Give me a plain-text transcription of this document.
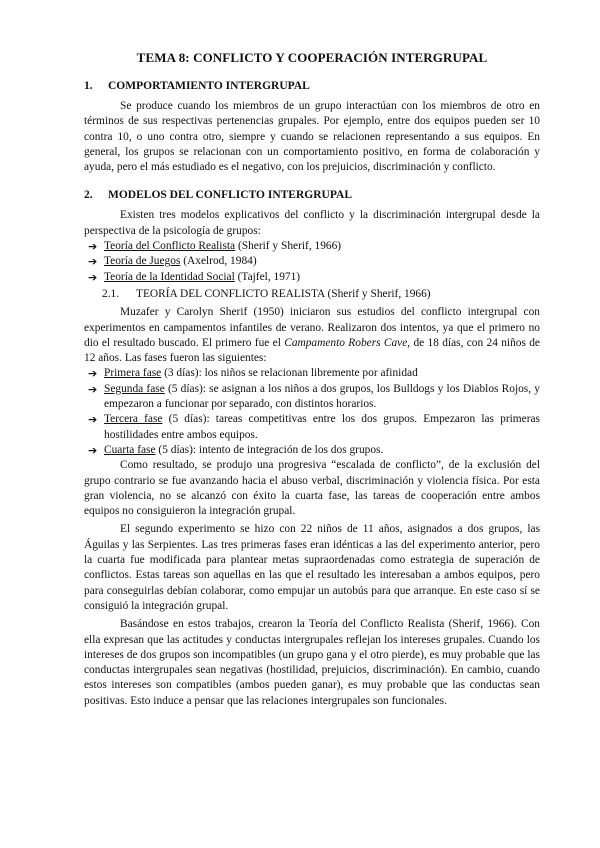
TEMA 8: CONFLICTO Y COOPERACIÓN INTERGRUPAL
1.	COMPORTAMIENTO INTERGRUPAL

Se produce cuando los miembros de un grupo interactúan con los miembros de otro en términos de sus respectivas pertenencias grupales. Por ejemplo, entre dos equipos pueden ser 10 contra 10, o uno contra otro, siempre y cuando se relacionen representando a sus equipos. En general, los grupos se relacionan con un comportamiento positivo, en forma de colaboración y ayuda, pero el más estudiado es el negativo, con los prejuicios, discriminación y conflicto.

2.	MODELOS DEL CONFLICTO INTERGRUPAL

Existen tres modelos explicativos del conflicto y la discriminación intergrupal desde la perspectiva de la psicología de grupos:

➔ Teoría del Conflicto Realista (Sherif y Sherif, 1966)
➔ Teoría de Juegos (Axelrod, 1984)
➔ Teoría de la Identidad Social (Tajfel, 1971)
2.1.	TEORÍA DEL CONFLICTO REALISTA (Sherif y Sherif, 1966)

Muzafer y Carolyn Sherif (1950) iniciaron sus estudios del conflicto intergrupal con experimentos en campamentos infantiles de verano. Realizaron dos intentos, ya que el primero no dio el resultado buscado. El primero fue el Campamento Robers Cave, de 18 días, con 24 niños de 12 años. Las fases fueron las siguientes:

➔ Primera fase (3 días): los niños se relacionan libremente por afinidad
➔ Segunda fase (5 días): se asignan a los niños a dos grupos, los Bulldogs y los Diablos Rojos, y empezaron a funcionar por separado, con distintos horarios.
➔ Tercera fase (5 días): tareas competitivas entre los dos grupos. Empezaron las primeras hostilidades entre ambos equipos.
➔ Cuarta fase (5 días): intento de integración de los dos grupos.

Como resultado, se produjo una progresiva “escalada de conflicto”, de la exclusión del grupo contrario se fue avanzando hacia el abuso verbal, discriminación y violencia física. Por esta gran violencia, no se alcanzó con éxito la cuarta fase, las tareas de cooperación entre ambos equipos no consiguieron la integración grupal.

El segundo experimento se hizo con 22 niños de 11 años, asignados a dos grupos, las Águilas y las Serpientes. Las tres primeras fases eran idénticas a las del experimento anterior, pero la cuarta fue modificada para plantear metas supraordenadas como estrategia de superación de conflictos. Estas tareas son aquellas en las que el resultado les interesaban a ambos equipos, pero para conseguirlas debían colaborar, como empujar un autobús para que arranque. En este caso sí se consiguió la integración grupal.

Basándose en estos trabajos, crearon la Teoría del Conflicto Realista (Sherif, 1966). Con ella expresan que las actitudes y conductas intergrupales reflejan los intereses grupales. Cuando los intereses de dos grupos son incompatibles (un grupo gana y el otro pierde), es muy probable que las conductas intergrupales sean negativas (hostilidad, prejuicios, discriminación). En cambio, cuando estos intereses son compatibles (ambos pueden ganar), es muy probable que las conductas sean positivas. Esto induce a pensar que las relaciones intergrupales son funcionales.
